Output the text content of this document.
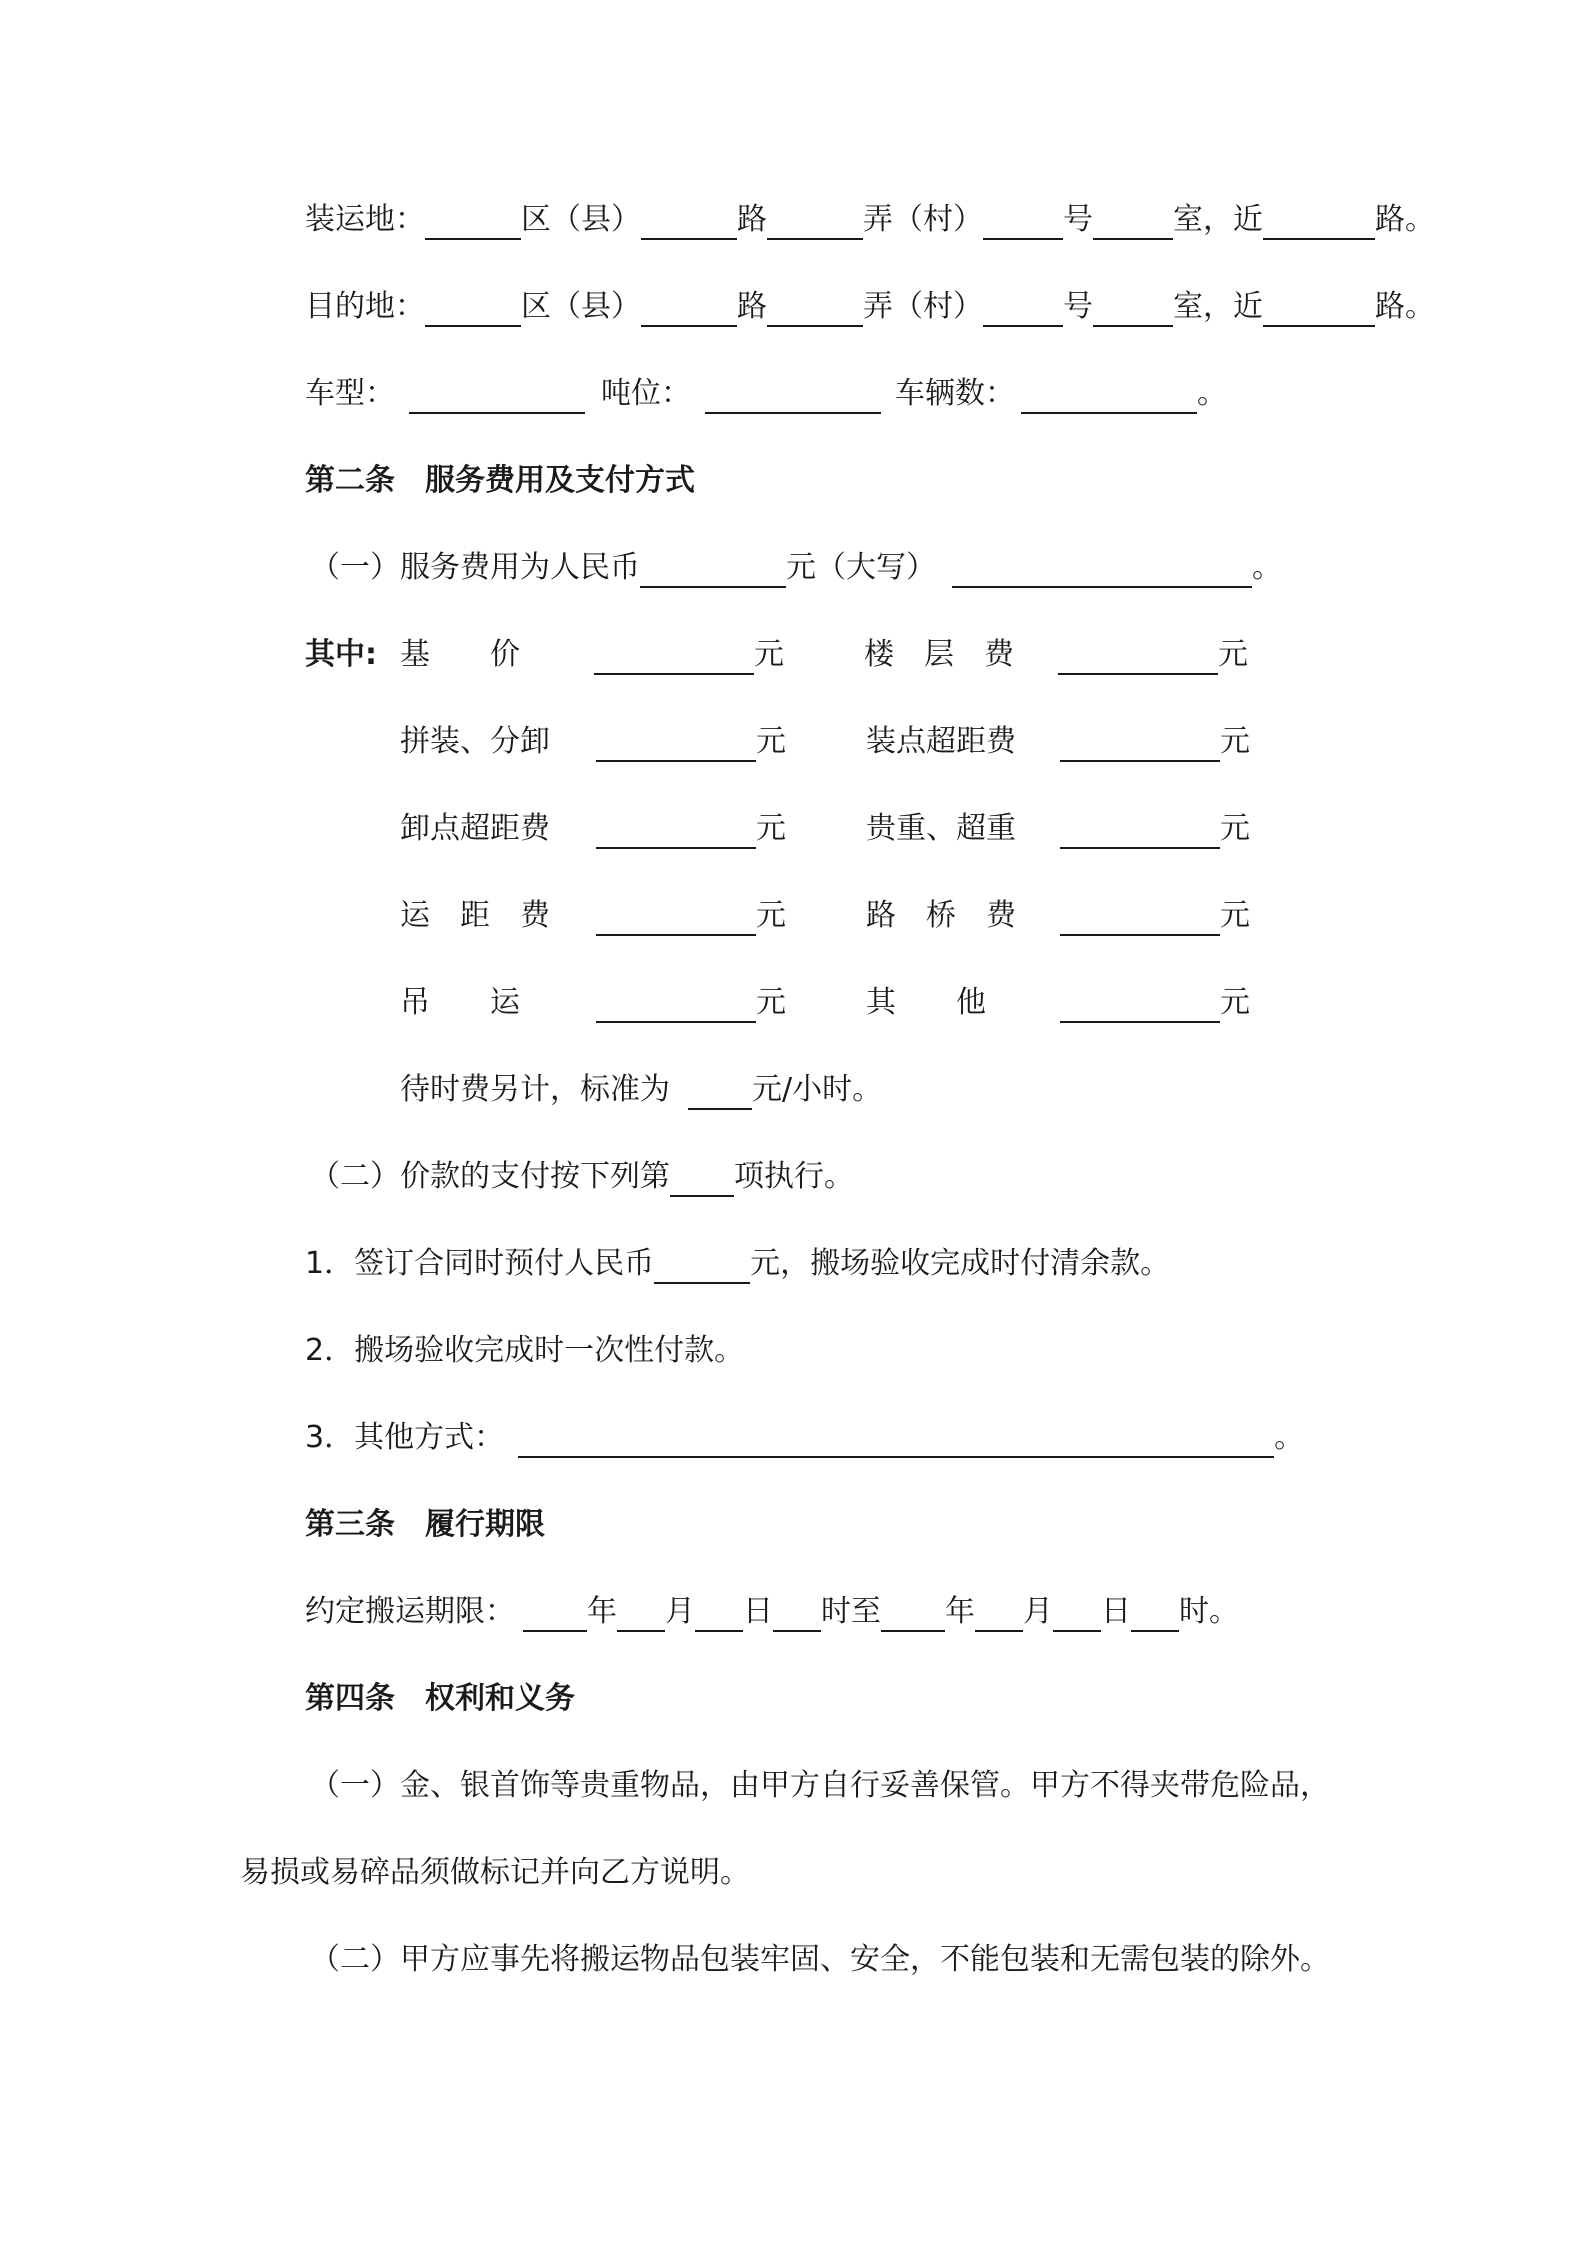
装运地：	区（县）	路	弄（村）	号	室，近	路。
目的地：	区（县）	路	弄（村）	号	室，近	路。
车型：	吨位：	车辆数：	。
第二条　服务费用及支付方式
（一）服务费用为人民币	元（大写）	。
其中: 基　　价	元	楼　层　费	元
拼装、分卸	元	装点超距费	元
卸点超距费	元	贵重、超重	元
运　距　费	元	路　桥　费	元
吊　　运	元	其　　他	元
待时费另计，标准为	元/小时。
（二）价款的支付按下列第 项执行。
1．签订合同时预付人民币	元，搬场验收完成时付清余款。
2．搬场验收完成时一次性付款。
3．其他方式：	。
第三条　履行期限
约定搬运期限： 年 月 日 时至 年 月 日 时。
第四条　权利和义务
（一）金、银首饰等贵重物品，由甲方自行妥善保管。甲方不得夹带危险品，
易损或易碎品须做标记并向乙方说明。
（二）甲方应事先将搬运物品包装牢固、安全，不能包装和无需包装的除外。
